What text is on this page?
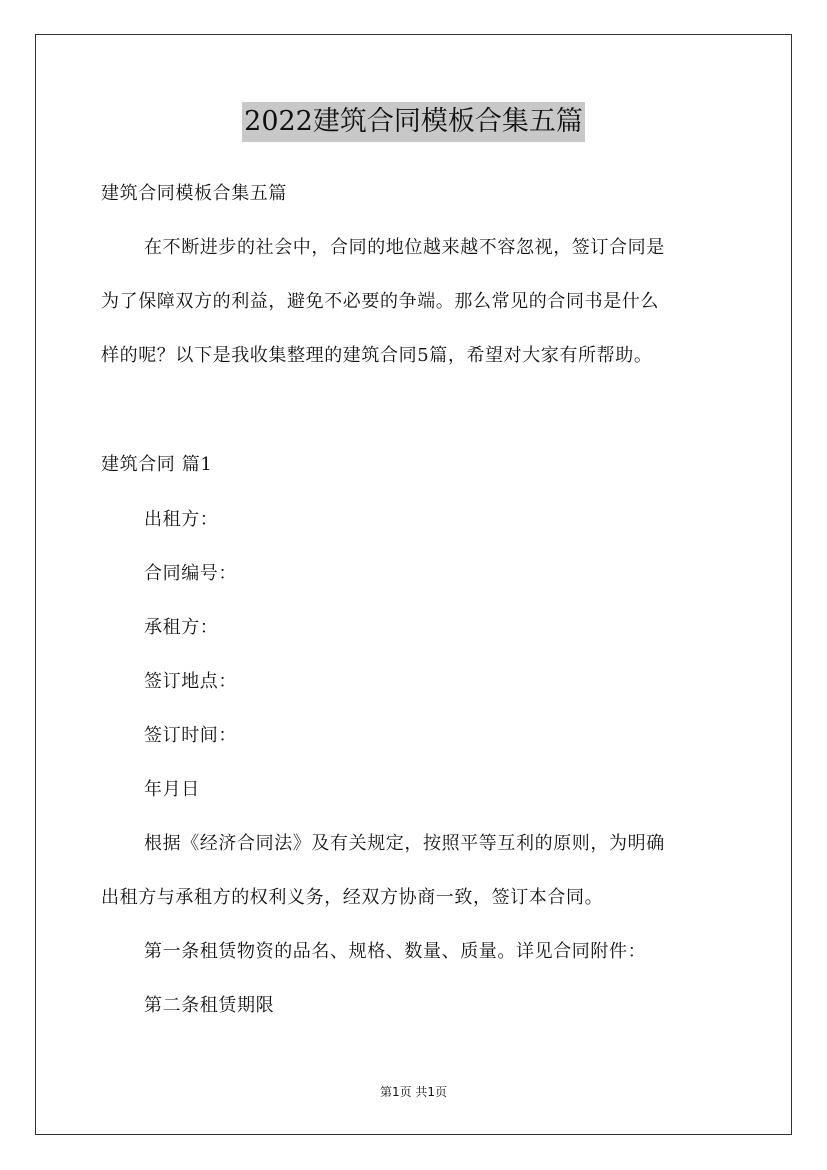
2022建筑合同模板合集五篇
建筑合同模板合集五篇
在不断进步的社会中，合同的地位越来越不容忽视，签订合同是
为了保障双方的利益，避免不必要的争端。那么常见的合同书是什么
样的呢？以下是我收集整理的建筑合同5篇，希望对大家有所帮助。
建筑合同 篇1
出租方：
合同编号：
承租方：
签订地点：
签订时间：
年月日
根据《经济合同法》及有关规定，按照平等互利的原则，为明确
出租方与承租方的权利义务，经双方协商一致，签订本合同。
第一条租赁物资的品名、规格、数量、质量。详见合同附件：
第二条租赁期限
第1页 共1页
